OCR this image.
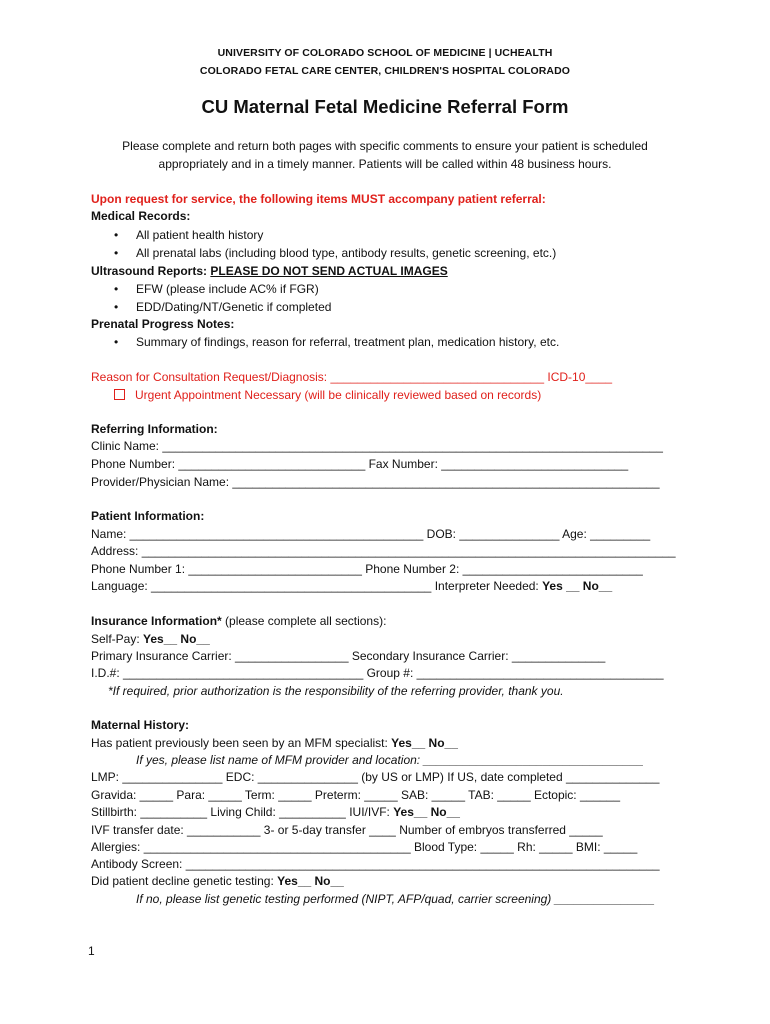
UNIVERSITY OF COLORADO SCHOOL OF MEDICINE | UCHEALTH
COLORADO FETAL CARE CENTER, CHILDREN'S HOSPITAL COLORADO
CU Maternal Fetal Medicine Referral Form
Please complete and return both pages with specific comments to ensure your patient is scheduled
appropriately and in a timely manner. Patients will be called within 48 business hours.
Upon request for service, the following items MUST accompany patient referral:
Medical Records:
• All patient health history
• All prenatal labs (including blood type, antibody results, genetic screening, etc.)
Ultrasound Reports: PLEASE DO NOT SEND ACTUAL IMAGES
• EFW (please include AC% if FGR)
• EDD/Dating/NT/Genetic if completed
Prenatal Progress Notes:
• Summary of findings, reason for referral, treatment plan, medication history, etc.
Reason for Consultation Request/Diagnosis: ________________________________ ICD-10____
Urgent Appointment Necessary (will be clinically reviewed based on records)
Referring Information:
Clinic Name: ___________________________________________________________________________
Phone Number: ____________________________ Fax Number: ____________________________
Provider/Physician Name: ________________________________________________________________
Patient Information:
Name: ____________________________________________ DOB: _______________ Age: _________
Address: ________________________________________________________________________________
Phone Number 1: __________________________ Phone Number 2: ___________________________
Language: __________________________________________ Interpreter Needed: Yes __ No__
Insurance Information* (please complete all sections):
Self-Pay: Yes__ No__
Primary Insurance Carrier: _________________ Secondary Insurance Carrier: ______________
I.D.#: ____________________________________ Group #: _____________________________________
*If required, prior authorization is the responsibility of the referring provider, thank you.
Maternal History:
Has patient previously been seen by an MFM specialist: Yes__ No__
If yes, please list name of MFM provider and location: _________________________________
LMP: _______________ EDC: _______________ (by US or LMP) If US, date completed ______________
Gravida: _____ Para: _____ Term: _____ Preterm: _____ SAB: _____ TAB: _____ Ectopic: ______
Stillbirth: __________ Living Child: __________ IUI/IVF: Yes__ No__
IVF transfer date: ___________ 3- or 5-day transfer ____ Number of embryos transferred _____
Allergies: ________________________________________ Blood Type: _____ Rh: _____ BMI: _____
Antibody Screen: _______________________________________________________________________
Did patient decline genetic testing: Yes__ No__
If no, please list genetic testing performed (NIPT, AFP/quad, carrier screening) _______________
1
